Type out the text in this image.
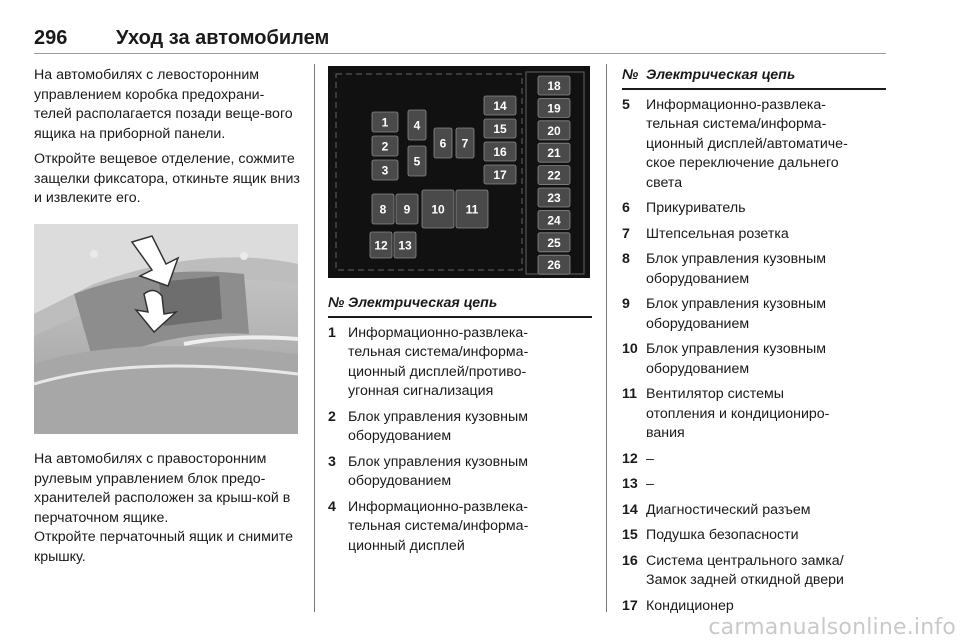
296 Уход за автомобилем

На автомобилях с левосторонним управлением коробка предохрани-телей располагается позади веще-вого ящика на приборной панели.

Откройте вещевое отделение, сожмите защелки фиксатора, откиньте ящик вниз и извлеките его.

На автомобилях с правосторонним рулевым управлением блок предо-хранителей расположен за крыш-кой в перчаточном ящике.

Откройте перчаточный ящик и снимите крышку.

1
2
3
4
5
6 7
8 9 10 11
12 13
14
15
16
17
18
19
20
21
22
23
24
25
26
№ Электрическая цепь
1 Информационно-развлека-
тельная система/информа-
ционный дисплей/противо-
угонная сигнализация
2 Блок управления кузовным
оборудованием
3 Блок управления кузовным
оборудованием
4 Информационно-развлека-
тельная система/информа-
ционный дисплей
№ Электрическая цепь
5	Информационно-развлека-
тельная система/информа-
ционный дисплей/автоматиче-
ское переключение дальнего
света
6	Прикуриватель
7	Штепсельная розетка
8	Блок управления кузовным
оборудованием
9	Блок управления кузовным
оборудованием
10 Блок управления кузовным
оборудованием
11 Вентилятор системы
отопления и кондициониро-
вания
12 –
13 –
14 Диагностический разъем
15 Подушка безопасности
16 Система центрального замка/
Замок задней откидной двери
17 Кондиционер
carmanualsonline.info
